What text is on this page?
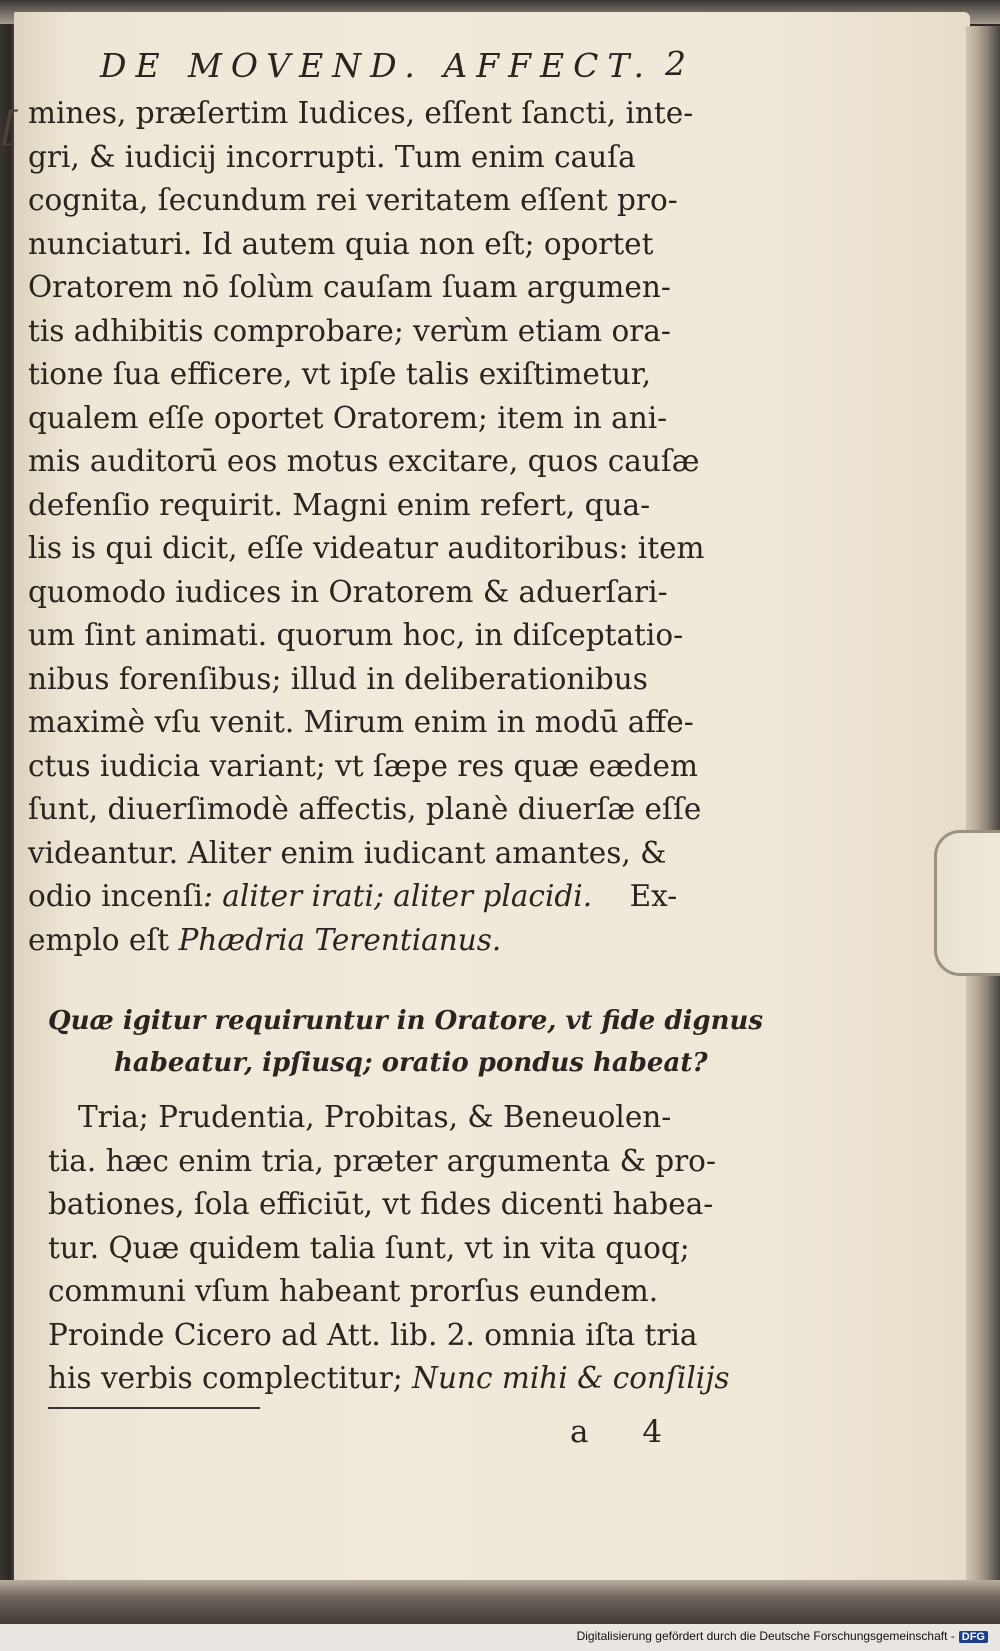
DE MOVEND. AFFECT. 2
[ mines, præſertim Iudices, eſſent ſancti, inte-
gri, & iudicij incorrupti. Tum enim cauſa
cognita, ſecundum rei veritatem eſſent pro-
nunciaturi. Id autem quia non eſt; oportet
Oratorem nō ſolùm cauſam ſuam argumen-
tis adhibitis comprobare; verùm etiam ora-
tione ſua efficere, vt ipſe talis exiſtimetur,
qualem eſſe oportet Oratorem; item in ani-
mis auditorū eos motus excitare, quos cauſæ
defenſio requirit. Magni enim refert, qua-
lis is qui dicit, eſſe videatur auditoribus: item
quomodo iudices in Oratorem & aduerſari-
um ſint animati. quorum hoc, in diſceptatio-
nibus forenſibus; illud in deliberationibus
maximè vſu venit. Mirum enim in modū affe-
ctus iudicia variant; vt ſæpe res quæ eædem
ſunt, diuerſimodè affectis, planè diuerſæ eſſe
videantur. Aliter enim iudicant amantes, &
odio incenſi: aliter irati; aliter placidi. Ex-
emplo eſt Phædria Terentianus.
Quæ igitur requiruntur in Oratore, vt fide dignus
habeatur, ipſiusq; oratio pondus habeat?
Tria; Prudentia, Probitas, & Beneuolen-
tia. hæc enim tria, præter argumenta & pro-
bationes, ſola efficiūt, vt fides dicenti habea-
tur. Quæ quidem talia ſunt, vt in vita quoq;
communi vſum habeant prorſus eundem.
Proinde Cicero ad Att. lib. 2. omnia iſta tria
his verbis complectitur; Nunc mihi & conſilijs
a 4
Digitalisierung gefördert durch die Deutsche Forschungsgemeinschaft - DFG
